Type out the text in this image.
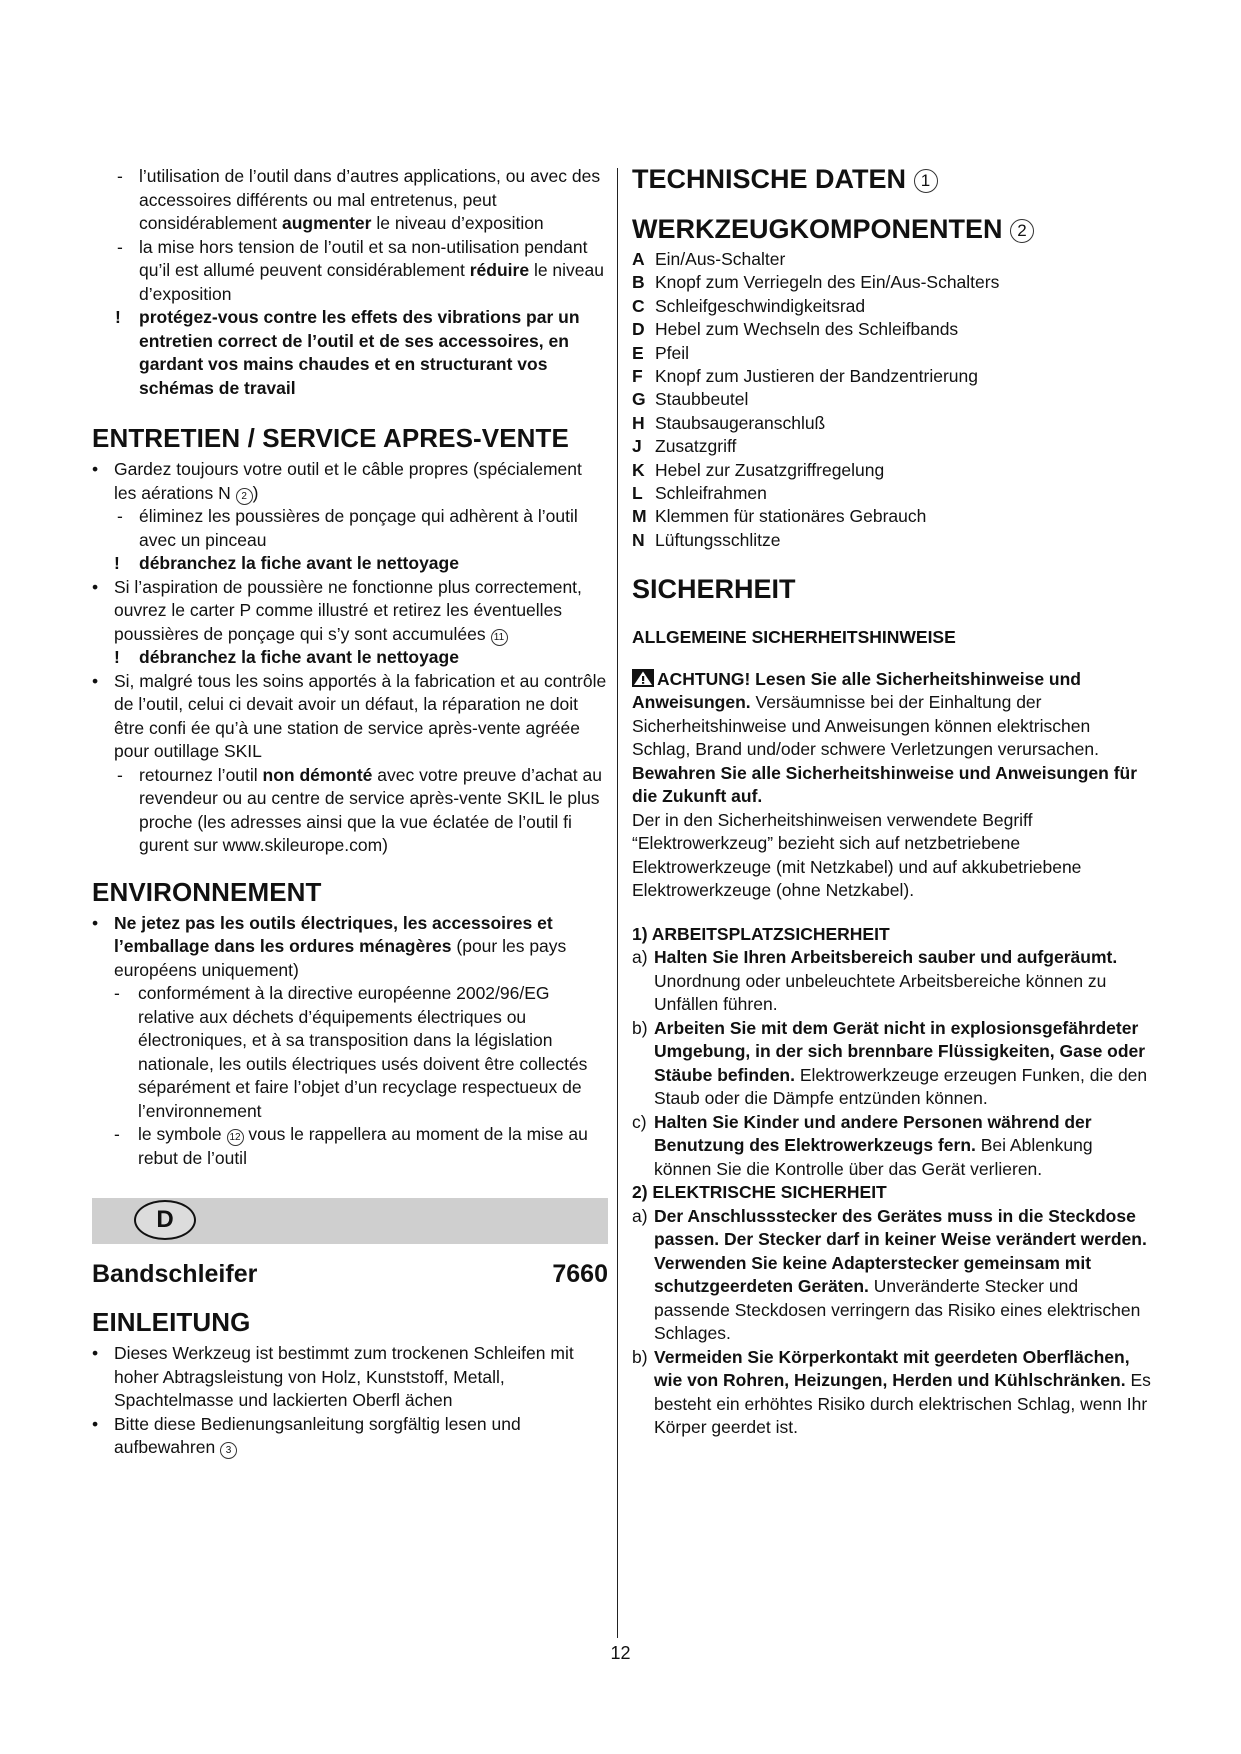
- l’utilisation de l’outil dans d’autres applications, ou avec des accessoires différents ou mal entretenus, peut considérablement augmenter le niveau d’exposition
- la mise hors tension de l’outil et sa non-utilisation pendant qu’il est allumé peuvent considérablement réduire le niveau d’exposition
! protégez-vous contre les effets des vibrations par un entretien correct de l’outil et de ses accessoires, en gardant vos mains chaudes et en structurant vos schémas de travail
ENTRETIEN / SERVICE APRES-VENTE
• Gardez toujours votre outil et le câble propres (spécialement les aérations N 2 )
- éliminez les poussières de ponçage qui adhèrent à l’outil avec un pinceau
! débranchez la fiche avant le nettoyage
• Si l’aspiration de poussière ne fonctionne plus correctement, ouvrez le carter P comme illustré et retirez les éventuelles poussières de ponçage qui s’y sont accumulées 11
! débranchez la fiche avant le nettoyage
• Si, malgré tous les soins apportés à la fabrication et au contrôle de l’outil, celui ci devait avoir un défaut, la réparation ne doit être confi ée qu’à une station de service après-vente agréée pour outillage SKIL
- retournez l’outil non démonté avec votre preuve d’achat au revendeur ou au centre de service après-vente SKIL le plus proche (les adresses ainsi que la vue éclatée de l’outil fi gurent sur www.skileurope.com)
ENVIRONNEMENT
• Ne jetez pas les outils électriques, les accessoires et l’emballage dans les ordures ménagères (pour les pays européens uniquement)
- conformément à la directive européenne 2002/96/EG relative aux déchets d’équipements électriques ou électroniques, et à sa transposition dans la législation nationale, les outils électriques usés doivent être collectés séparément et faire l’objet d’un recyclage respectueux de l’environnement
- le symbole 12 vous le rappellera au moment de la mise au rebut de l’outil
D
Bandschleifer	7660
EINLEITUNG
• Dieses Werkzeug ist bestimmt zum trockenen Schleifen mit hoher Abtragsleistung von Holz, Kunststoff, Metall, Spachtelmasse und lackierten Oberfl ächen
• Bitte diese Bedienungsanleitung sorgfältig lesen und aufbewahren 3
TECHNISCHE DATEN 1
WERKZEUGKOMPONENTEN 2
A Ein/Aus-Schalter
B Knopf zum Verriegeln des Ein/Aus-Schalters
C Schleifgeschwindigkeitsrad
D Hebel zum Wechseln des Schleifbands
E Pfeil
F Knopf zum Justieren der Bandzentrierung
G Staubbeutel
H Staubsaugeranschluß
J Zusatzgriff
K Hebel zur Zusatzgriffregelung
L Schleifrahmen
M Klemmen für stationäres Gebrauch
N Lüftungsschlitze
SICHERHEIT
ALLGEMEINE SICHERHEITSHINWEISE
ACHTUNG! Lesen Sie alle Sicherheitshinweise und Anweisungen. Versäumnisse bei der Einhaltung der Sicherheitshinweise und Anweisungen können elektrischen Schlag, Brand und/oder schwere Verletzungen verursachen. Bewahren Sie alle Sicherheitshinweise und Anweisungen für die Zukunft auf.
Der in den Sicherheitshinweisen verwendete Begriff “Elektrowerkzeug” bezieht sich auf netzbetriebene Elektrowerkzeuge (mit Netzkabel) und auf akkubetriebene Elektrowerkzeuge (ohne Netzkabel).
1) ARBEITSPLATZSICHERHEIT
a) Halten Sie Ihren Arbeitsbereich sauber und aufgeräumt. Unordnung oder unbeleuchtete Arbeitsbereiche können zu Unfällen führen.
b) Arbeiten Sie mit dem Gerät nicht in explosionsgefährdeter Umgebung, in der sich brennbare Flüssigkeiten, Gase oder Stäube befinden. Elektrowerkzeuge erzeugen Funken, die den Staub oder die Dämpfe entzünden können.
c) Halten Sie Kinder und andere Personen während der Benutzung des Elektrowerkzeugs fern. Bei Ablenkung können Sie die Kontrolle über das Gerät verlieren.
2) ELEKTRISCHE SICHERHEIT
a) Der Anschlussstecker des Gerätes muss in die Steckdose passen. Der Stecker darf in keiner Weise verändert werden. Verwenden Sie keine Adapterstecker gemeinsam mit schutzgeerdeten Geräten. Unveränderte Stecker und passende Steckdosen verringern das Risiko eines elektrischen Schlages.
b) Vermeiden Sie Körperkontakt mit geerdeten Oberflächen, wie von Rohren, Heizungen, Herden und Kühlschränken. Es besteht ein erhöhtes Risiko durch elektrischen Schlag, wenn Ihr Körper geerdet ist.
12
